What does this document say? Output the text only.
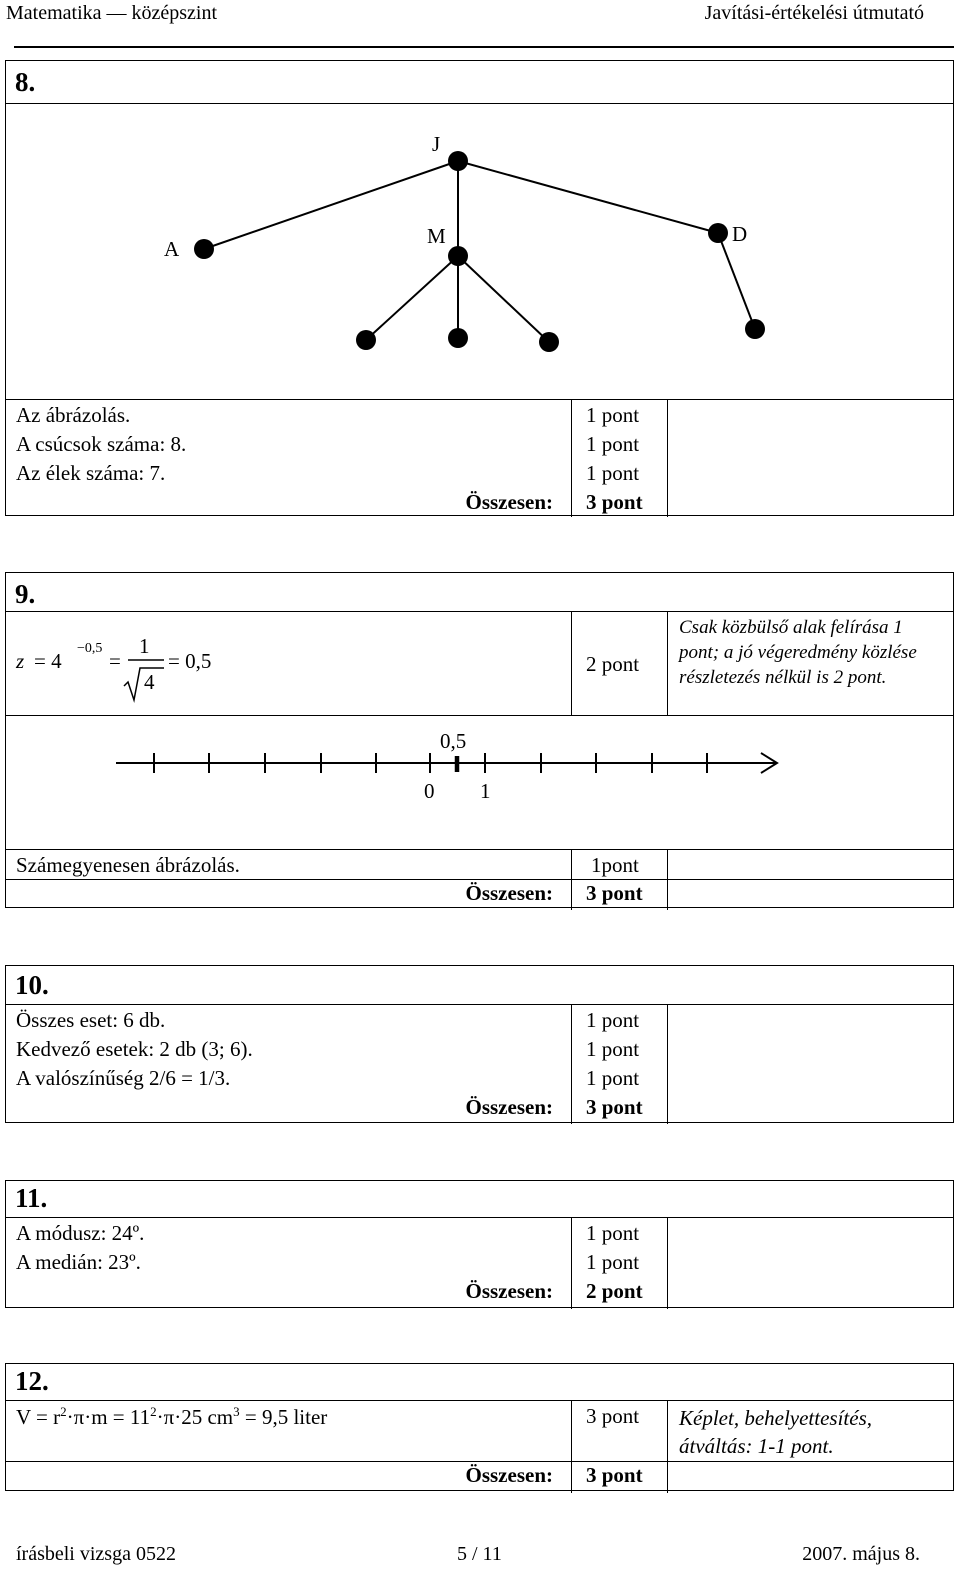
Matematika — középszint	Javítási-értékelési útmutató
8.
J
A
M	D
Az ábrázolás.	1 pont
A csúcsok száma: 8.	1 pont
Az élek száma: 7.	1 pont
Összesen: 3 pont
9.
z = 4
−0,5
=
1
4
= 0,5	2 pont
Csak közbülső alak felírása 1 pont; a jó végeredmény közlése részletezés nélkül is 2 pont.
0,5
0 1
Számegyenesen ábrázolás.	1pont
Összesen: 3 pont
10.
Összes eset: 6 db.	1 pont
Kedvező esetek: 2 db (3; 6).	1 pont
A valószínűség 2/6 = 1/3.	1 pont
Összesen: 3 pont
11.
A módusz: 24º.	1 pont
A medián: 23º.	1 pont
Összesen: 2 pont
12.
$V = r^2\cdot\pi\cdot m = 11^2\cdot\pi\cdot 25$ $cm^3 = 9,5$ liter	3 pont Képlet, behelyettesítés, átváltás: 1-1 pont.
Összesen: 3 pont
írásbeli vizsga 0522	5 / 11	2007. május 8.
